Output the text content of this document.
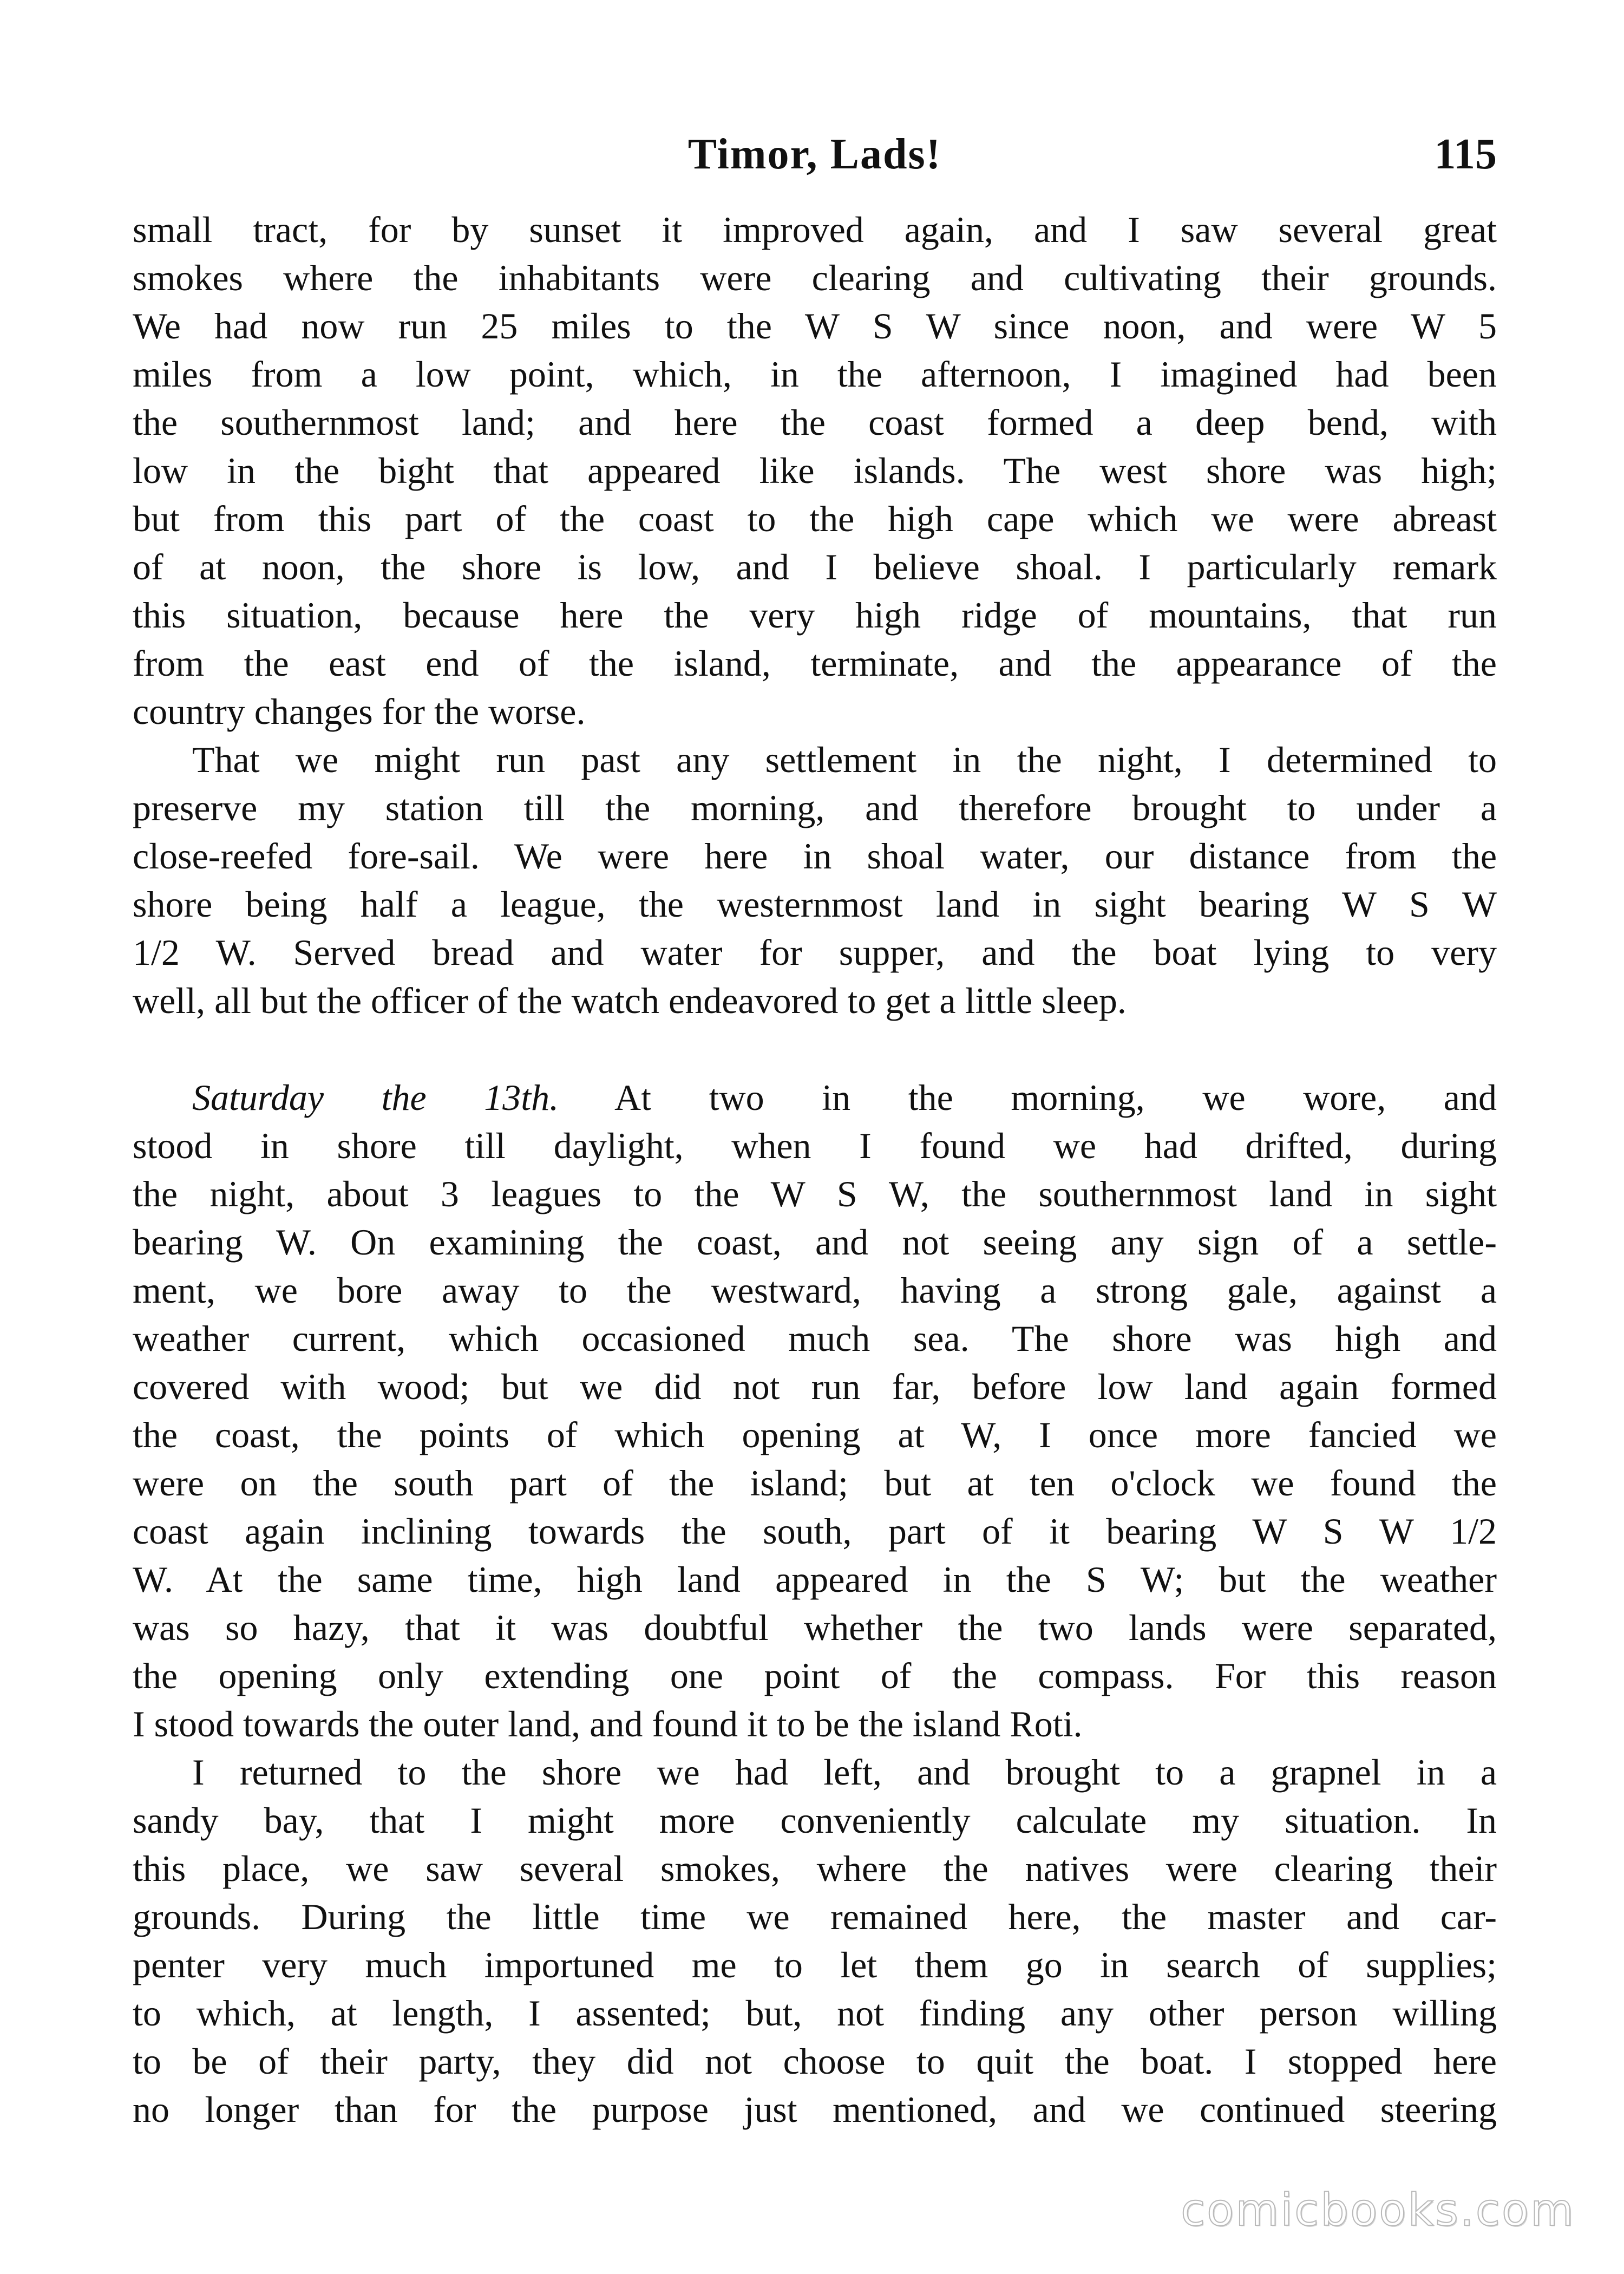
Timor, Lads!	115
small tract, for by sunset it improved again, and I saw several great
smokes where the inhabitants were clearing and cultivating their grounds.
We had now run 25 miles to the W S W since noon, and were W 5
miles from a low point, which, in the afternoon, I imagined had been
the southernmost land; and here the coast formed a deep bend, with
low in the bight that appeared like islands. The west shore was high;
but from this part of the coast to the high cape which we were abreast
of at noon, the shore is low, and I believe shoal. I particularly remark
this situation, because here the very high ridge of mountains, that run
from the east end of the island, terminate, and the appearance of the
country changes for the worse.
That we might run past any settlement in the night, I determined to
preserve my station till the morning, and therefore brought to under a
close-reefed fore-sail. We were here in shoal water, our distance from the
shore being half a league, the westernmost land in sight bearing W S W
1/2 W. Served bread and water for supper, and the boat lying to very
well, all but the officer of the watch endeavored to get a little sleep.
Saturday the 13th. At two in the morning, we wore, and
stood in shore till daylight, when I found we had drifted, during
the night, about 3 leagues to the W S W, the southernmost land in sight
bearing W. On examining the coast, and not seeing any sign of a settle-
ment, we bore away to the westward, having a strong gale, against a
weather current, which occasioned much sea. The shore was high and
covered with wood; but we did not run far, before low land again formed
the coast, the points of which opening at W, I once more fancied we
were on the south part of the island; but at ten o'clock we found the
coast again inclining towards the south, part of it bearing W S W 1/2
W. At the same time, high land appeared in the S W; but the weather
was so hazy, that it was doubtful whether the two lands were separated,
the opening only extending one point of the compass. For this reason
I stood towards the outer land, and found it to be the island Roti.
I returned to the shore we had left, and brought to a grapnel in a
sandy bay, that I might more conveniently calculate my situation. In
this place, we saw several smokes, where the natives were clearing their
grounds. During the little time we remained here, the master and car-
penter very much importuned me to let them go in search of supplies;
to which, at length, I assented; but, not finding any other person willing
to be of their party, they did not choose to quit the boat. I stopped here
no longer than for the purpose just mentioned, and we continued steering
comicbooks.com
